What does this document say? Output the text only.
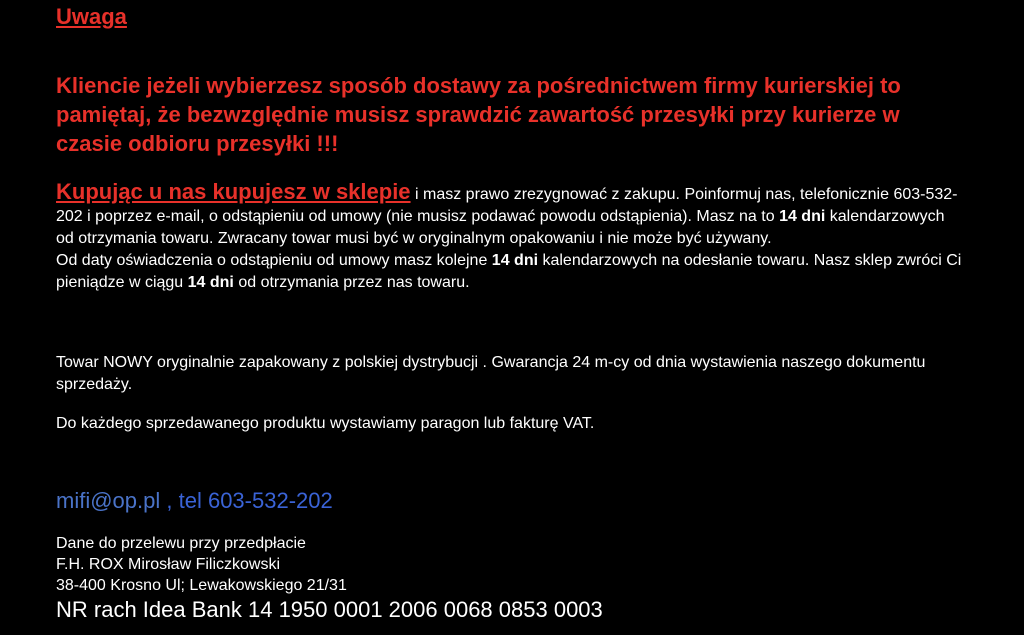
Uwaga

Kliencie jeżeli wybierzesz sposób dostawy za pośrednictwem firmy kurierskiej to pamiętaj, że bezwzględnie musisz sprawdzić zawartość przesyłki przy kurierze w czasie odbioru przesyłki !!!

Kupując u nas kupujesz w sklepie i masz prawo zrezygnować z zakupu. Poinformuj nas, telefonicznie 603-532-202 i poprzez e-mail, o odstąpieniu od umowy (nie musisz podawać powodu odstąpienia). Masz na to 14 dni kalendarzowych od otrzymania towaru. Zwracany towar musi być w oryginalnym opakowaniu i nie może być używany.
Od daty oświadczenia o odstąpieniu od umowy masz kolejne 14 dni kalendarzowych na odesłanie towaru. Nasz sklep zwróci Ci pieniądze w ciągu 14 dni od otrzymania przez nas towaru.

Towar NOWY oryginalnie zapakowany z polskiej dystrybucji . Gwarancja 24 m-cy od dnia wystawienia naszego dokumentu sprzedaży.

Do każdego sprzedawanego produktu wystawiamy paragon lub fakturę VAT.

mifi@op.pl , tel 603-532-202

Dane do przelewu przy przedpłacie
F.H. ROX Mirosław Filiczkowski
38-400 Krosno Ul; Lewakowskiego 21/31

NR rach Idea Bank 14 1950 0001 2006 0068 0853 0003
